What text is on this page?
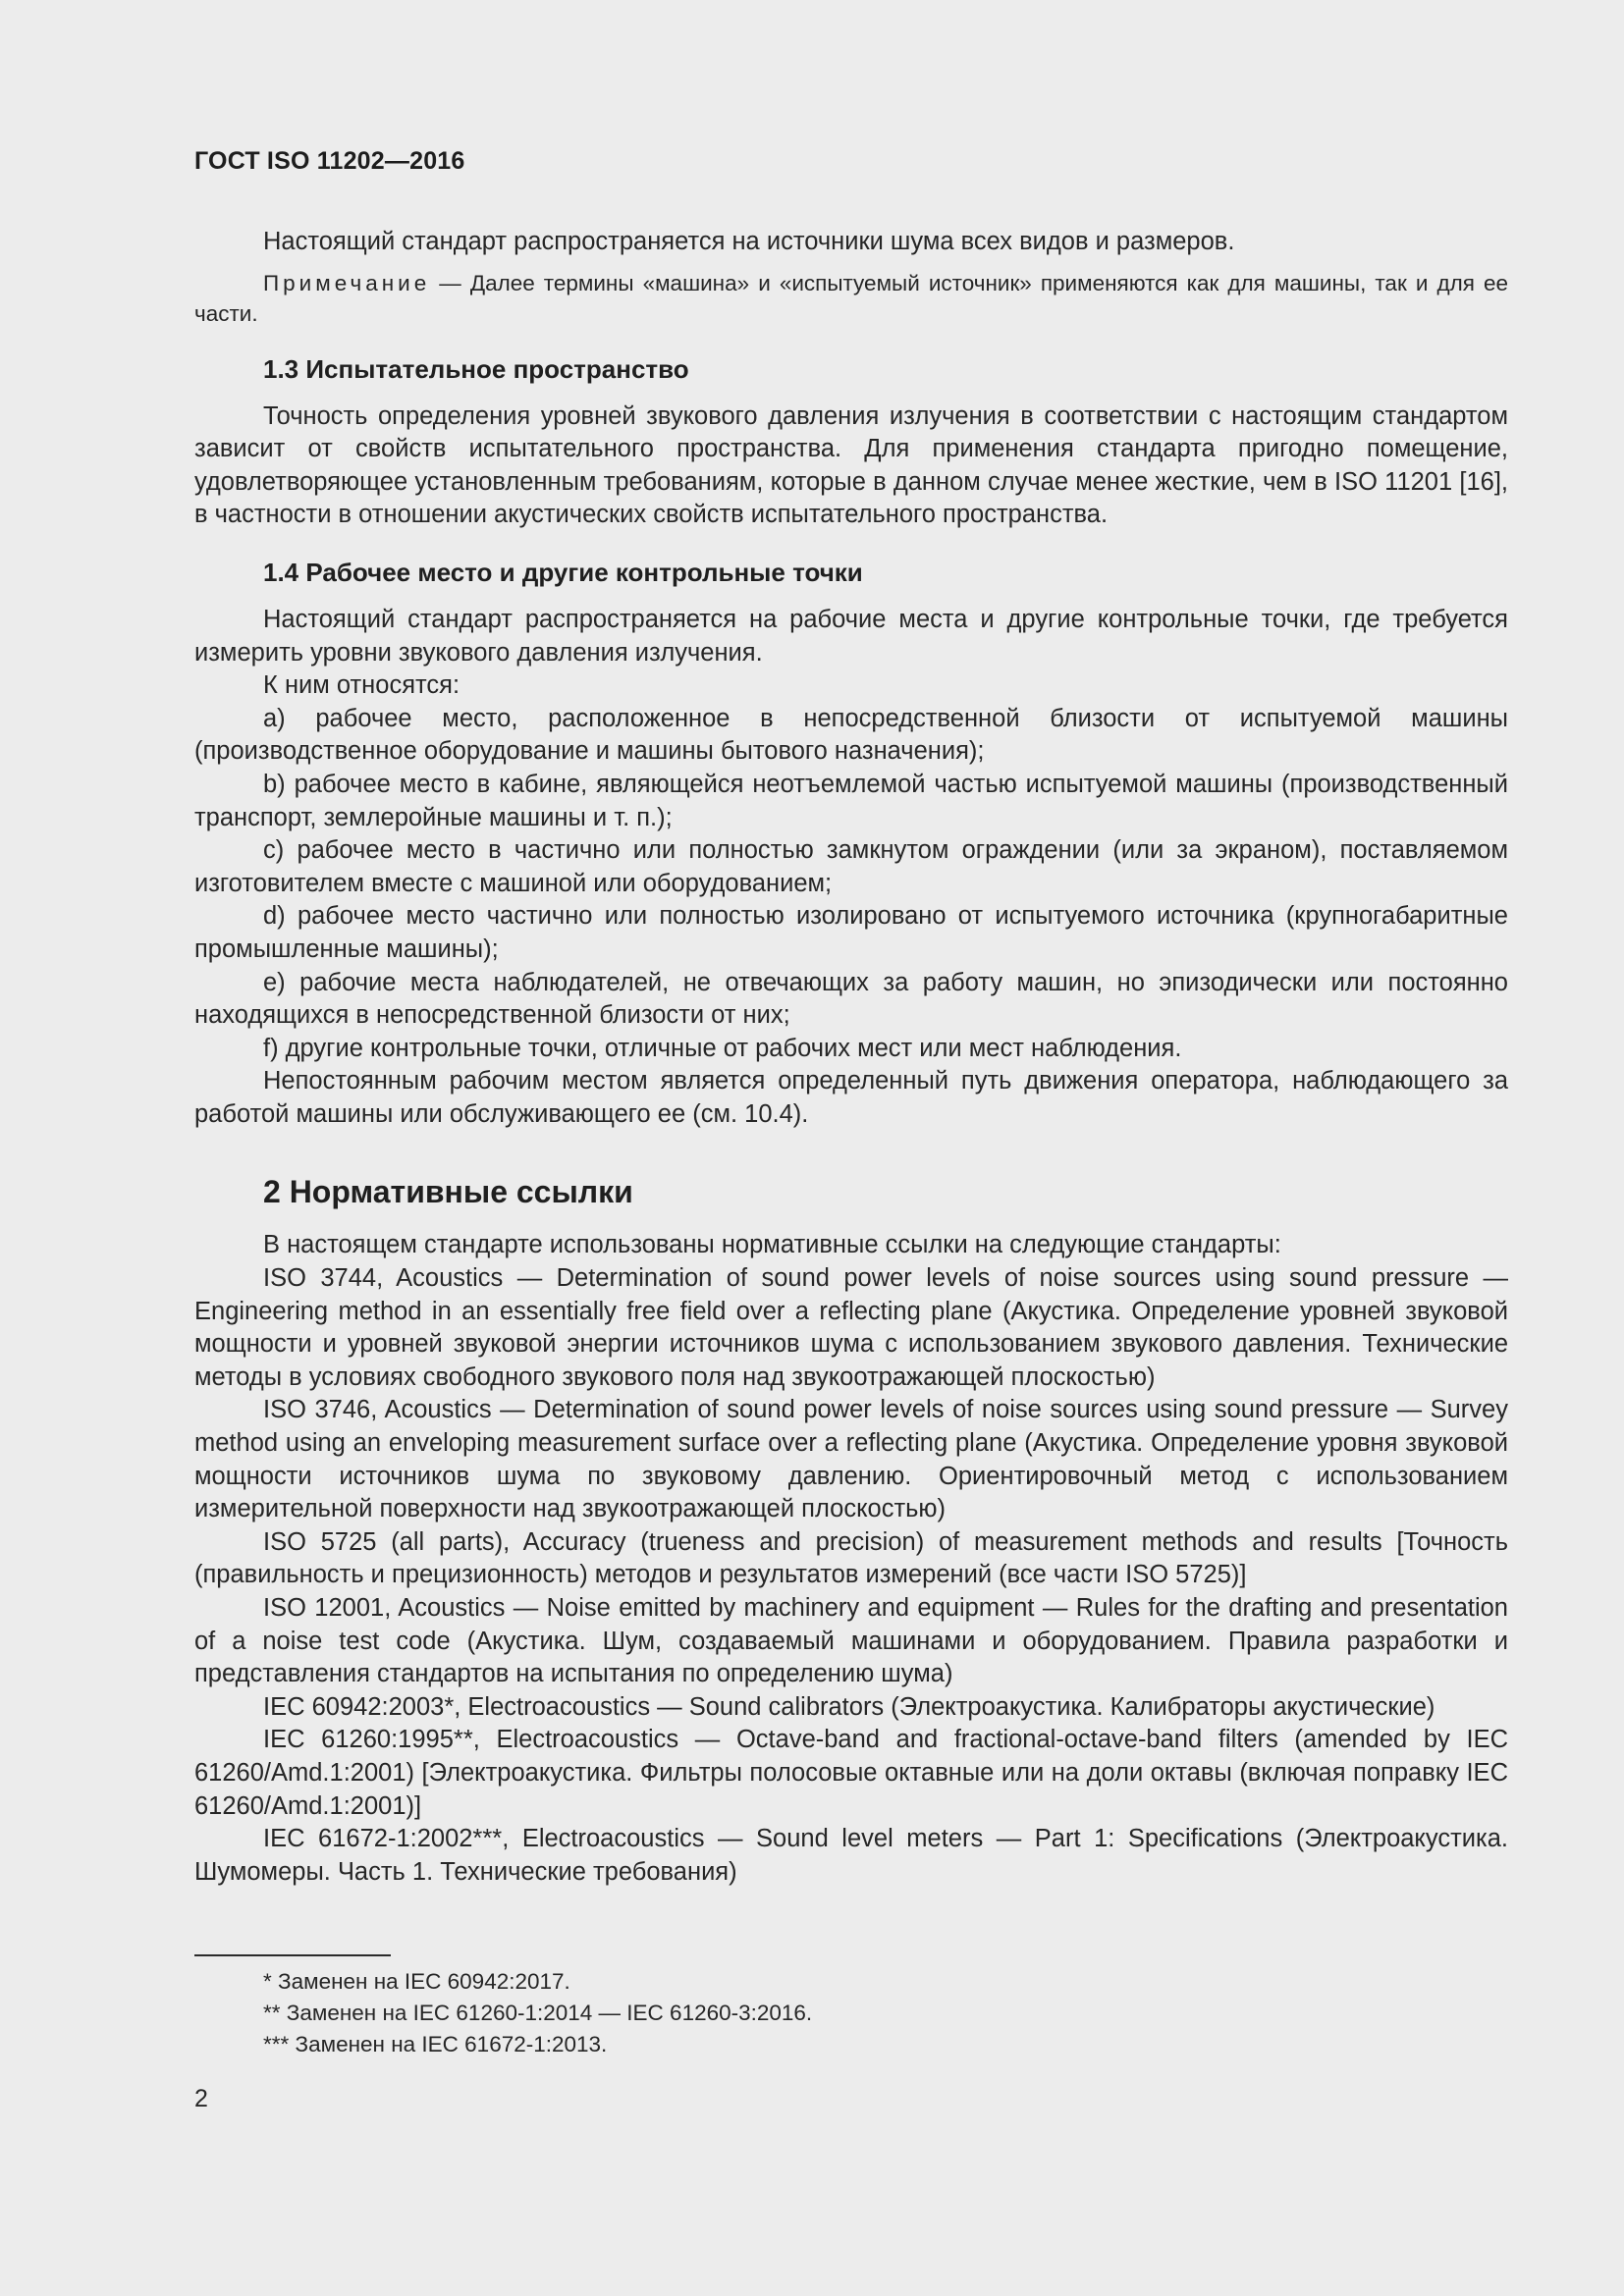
ГОСТ ISO 11202—2016

Настоящий стандарт распространяется на источники шума всех видов и размеров.

Примечание — Далее термины «машина» и «испытуемый источник» применяются как для машины, так и для ее части.

1.3 Испытательное пространство

Точность определения уровней звукового давления излучения в соответствии с настоящим стандартом зависит от свойств испытательного пространства. Для применения стандарта пригодно помещение, удовлетворяющее установленным требованиям, которые в данном случае менее жесткие, чем в ISO 11201 [16], в частности в отношении акустических свойств испытательного пространства.

1.4 Рабочее место и другие контрольные точки

Настоящий стандарт распространяется на рабочие места и другие контрольные точки, где требуется измерить уровни звукового давления излучения.

К ним относятся:

а) рабочее место, расположенное в непосредственной близости от испытуемой машины (производственное оборудование и машины бытового назначения);

b) рабочее место в кабине, являющейся неотъемлемой частью испытуемой машины (производственный транспорт, землеройные машины и т. п.);

с) рабочее место в частично или полностью замкнутом ограждении (или за экраном), поставляемом изготовителем вместе с машиной или оборудованием;

d) рабочее место частично или полностью изолировано от испытуемого источника (крупногабаритные промышленные машины);

е) рабочие места наблюдателей, не отвечающих за работу машин, но эпизодически или постоянно находящихся в непосредственной близости от них;

f) другие контрольные точки, отличные от рабочих мест или мест наблюдения.

Непостоянным рабочим местом является определенный путь движения оператора, наблюдающего за работой машины или обслуживающего ее (см. 10.4).

2 Нормативные ссылки

В настоящем стандарте использованы нормативные ссылки на следующие стандарты:

ISO 3744, Acoustics — Determination of sound power levels of noise sources using sound pressure — Engineering method in an essentially free field over a reflecting plane (Акустика. Определение уровней звуковой мощности и уровней звуковой энергии источников шума с использованием звукового давления. Технические методы в условиях свободного звукового поля над звукоотражающей плоскостью)

ISO 3746, Acoustics — Determination of sound power levels of noise sources using sound pressure — Survey method using an enveloping measurement surface over a reflecting plane (Акустика. Определение уровня звуковой мощности источников шума по звуковому давлению. Ориентировочный метод с использованием измерительной поверхности над звукоотражающей плоскостью)

ISO 5725 (all parts), Accuracy (trueness and precision) of measurement methods and results [Точность (правильность и прецизионность) методов и результатов измерений (все части ISO 5725)]

ISO 12001, Acoustics — Noise emitted by machinery and equipment — Rules for the drafting and presentation of a noise test code (Акустика. Шум, создаваемый машинами и оборудованием. Правила разработки и представления стандартов на испытания по определению шума)

IEC 60942:2003*, Electroacoustics — Sound calibrators (Электроакустика. Калибраторы акустические)

IEC 61260:1995**, Electroacoustics — Octave-band and fractional-octave-band filters (amended by IEC 61260/Amd.1:2001) [Электроакустика. Фильтры полосовые октавные или на доли октавы (включая поправку IEC 61260/Amd.1:2001)]

IEC 61672-1:2002***, Electroacoustics — Sound level meters — Part 1: Specifications (Электроакустика. Шумомеры. Часть 1. Технические требования)

* Заменен на IEC 60942:2017.
** Заменен на IEC 61260-1:2014 — IEC 61260-3:2016.
*** Заменен на IEC 61672-1:2013.
2
